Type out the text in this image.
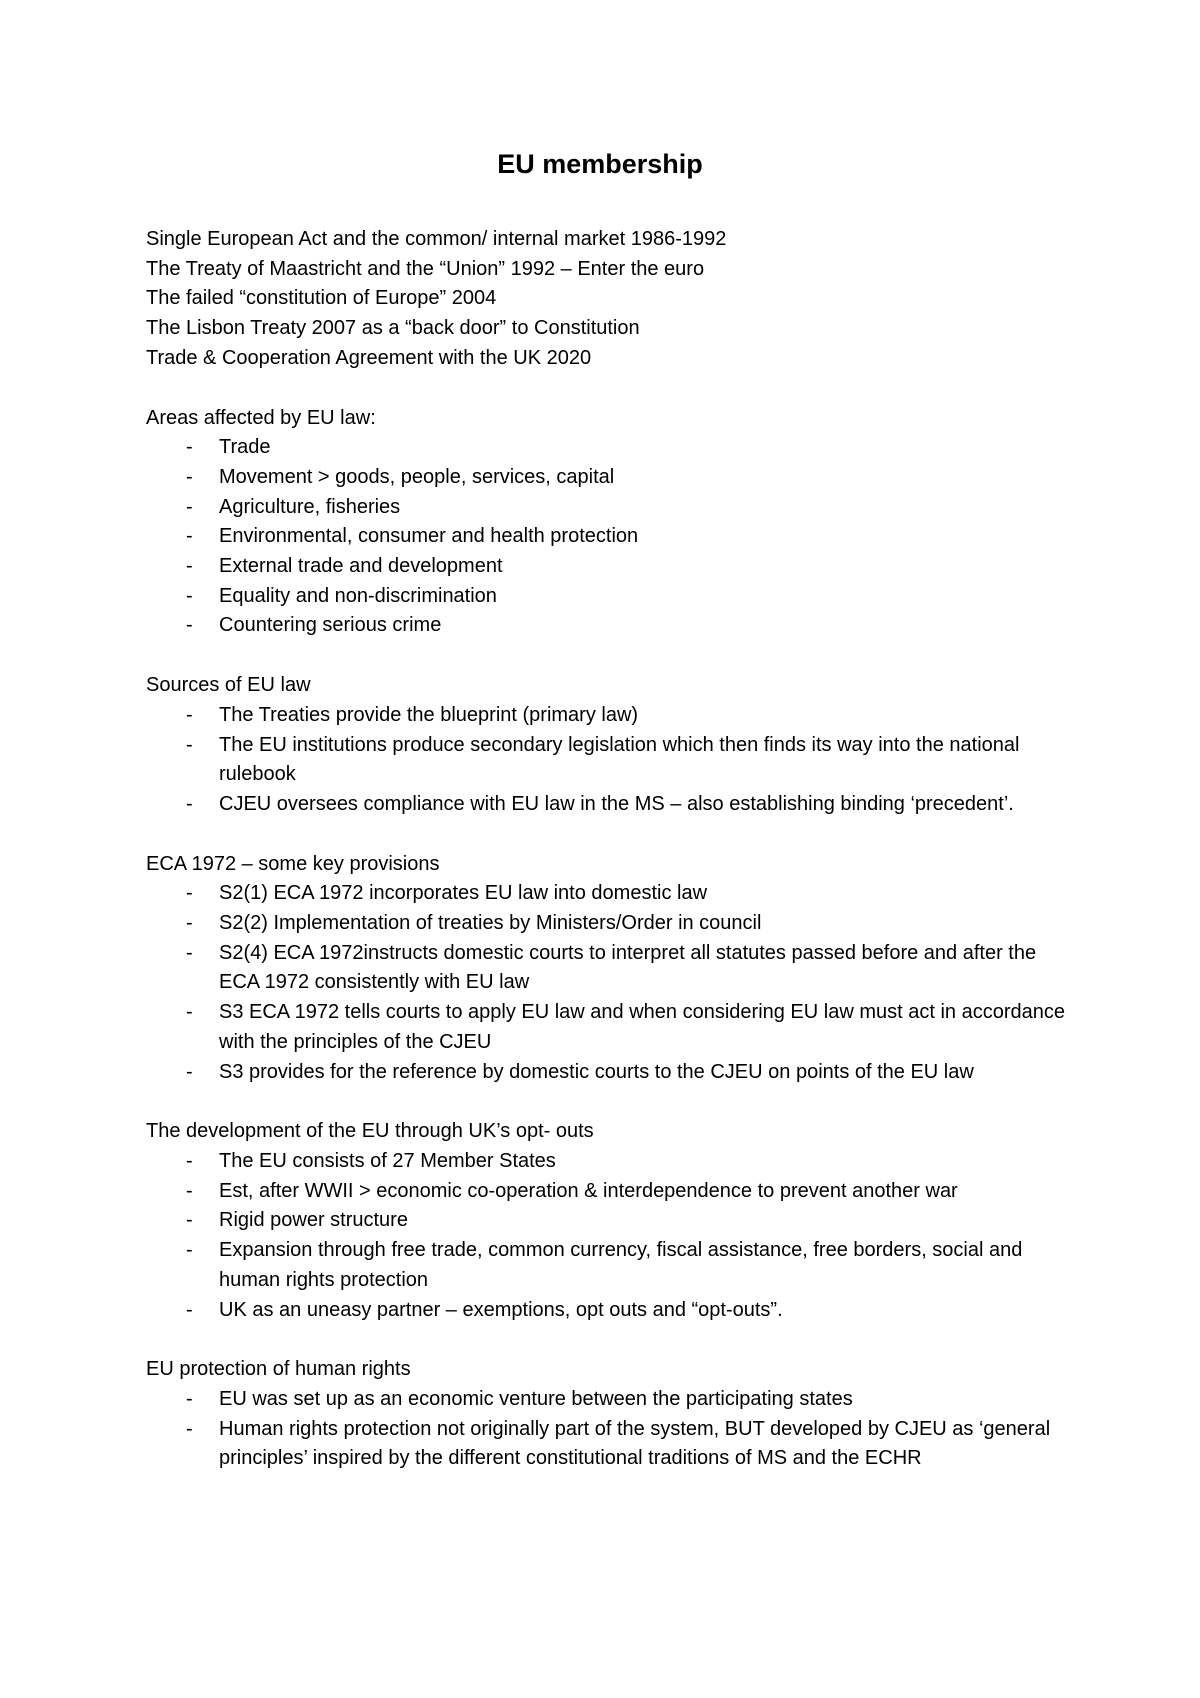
EU membership
Single European Act and the common/ internal market 1986-1992
The Treaty of Maastricht and the “Union” 1992 – Enter the euro
The failed “constitution of Europe” 2004
The Lisbon Treaty 2007 as a “back door” to Constitution
Trade & Cooperation Agreement with the UK 2020
Areas affected by EU law:
- Trade
- Movement > goods, people, services, capital
- Agriculture, fisheries
- Environmental, consumer and health protection
- External trade and development
- Equality and non-discrimination
- Countering serious crime
Sources of EU law
- The Treaties provide the blueprint (primary law)
- The EU institutions produce secondary legislation which then finds its way into the national rulebook
- CJEU oversees compliance with EU law in the MS – also establishing binding ‘precedent’.
ECA 1972 – some key provisions
- S2(1) ECA 1972 incorporates EU law into domestic law
- S2(2) Implementation of treaties by Ministers/Order in council
- S2(4) ECA 1972instructs domestic courts to interpret all statutes passed before and after the ECA 1972 consistently with EU law
- S3 ECA 1972 tells courts to apply EU law and when considering EU law must act in accordance with the principles of the CJEU
- S3 provides for the reference by domestic courts to the CJEU on points of the EU law
The development of the EU through UK’s opt- outs
- The EU consists of 27 Member States
- Est, after WWII > economic co-operation & interdependence to prevent another war
- Rigid power structure
- Expansion through free trade, common currency, fiscal assistance, free borders, social and human rights protection
- UK as an uneasy partner – exemptions, opt outs and “opt-outs”.
EU protection of human rights
- EU was set up as an economic venture between the participating states
- Human rights protection not originally part of the system, BUT developed by CJEU as ‘general principles’ inspired by the different constitutional traditions of MS and the ECHR
